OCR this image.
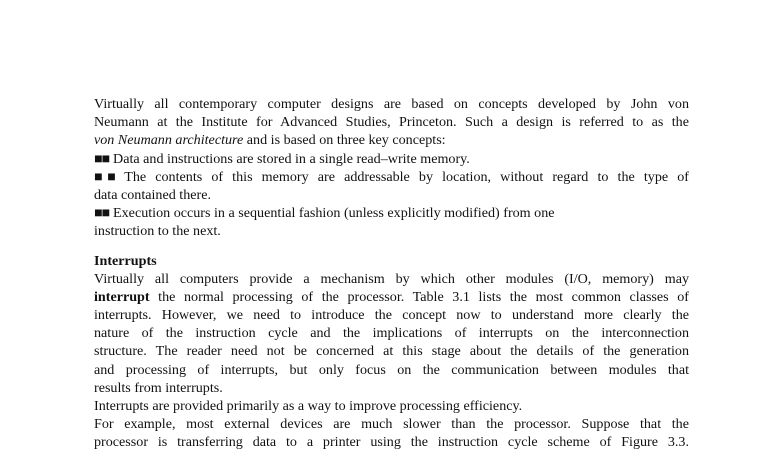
Virtually all contemporary computer designs are based on concepts developed by John von
Neumann at the Institute for Advanced Studies, Princeton. Such a design is referred to as the
von Neumann architecture and is based on three key concepts:
■■ Data and instructions are stored in a single read–write memory.
■■ The contents of this memory are addressable by location, without regard to the type of
data contained there.
■■ Execution occurs in a sequential fashion (unless explicitly modified) from one
instruction to the next.
Interrupts
Virtually all computers provide a mechanism by which other modules (I/O, memory) may
interrupt the normal processing of the processor. Table 3.1 lists the most common classes of
interrupts. However, we need to introduce the concept now to understand more clearly the
nature of the instruction cycle and the implications of interrupts on the interconnection
structure. The reader need not be concerned at this stage about the details of the generation
and processing of interrupts, but only focus on the communication between modules that
results from interrupts.
Interrupts are provided primarily as a way to improve processing efficiency.
For example, most external devices are much slower than the processor. Suppose that the
processor is transferring data to a printer using the instruction cycle scheme of Figure 3.3.
